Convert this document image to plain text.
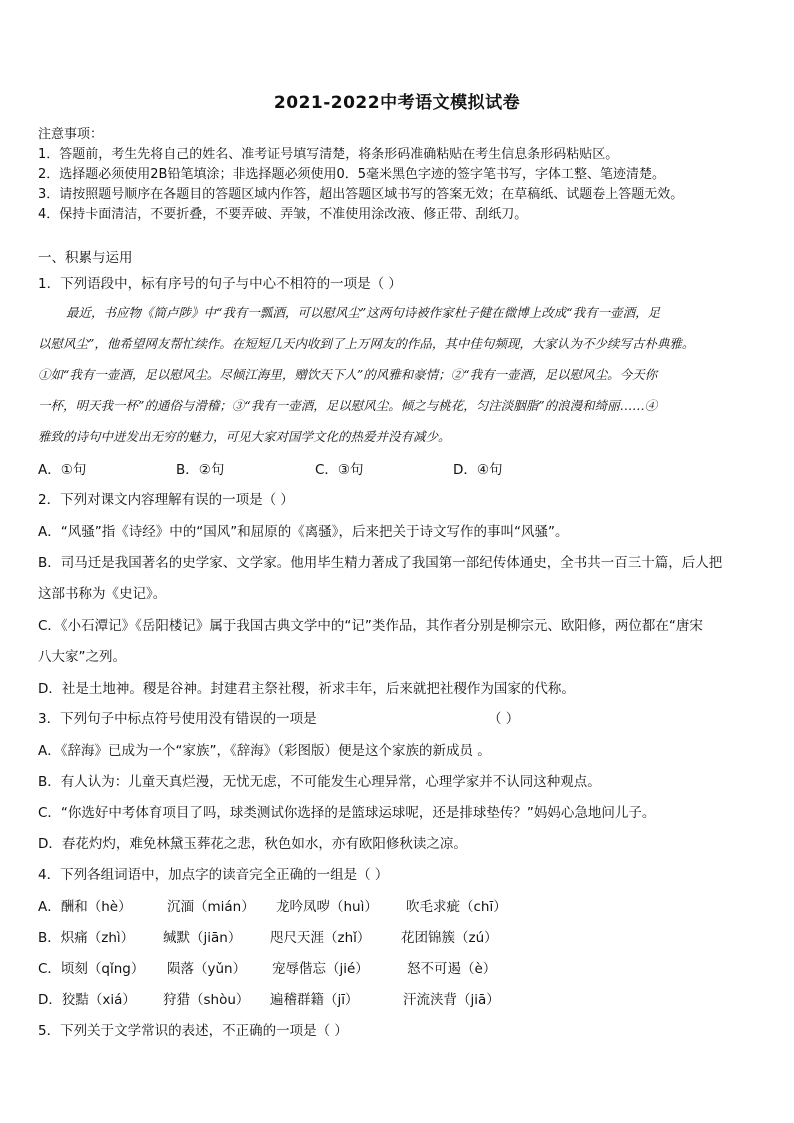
2021-2022中考语文模拟试卷
注意事项：
1．答题前，考生先将自己的姓名、准考证号填写清楚，将条形码准确粘贴在考生信息条形码粘贴区。
2．选择题必须使用2B铅笔填涂；非选择题必须使用0．5毫米黑色字迹的签字笔书写，字体工整、笔迹清楚。
3．请按照题号顺序在各题目的答题区域内作答，超出答题区域书写的答案无效；在草稿纸、试题卷上答题无效。
4．保持卡面清洁，不要折叠，不要弄破、弄皱，不准使用涂改液、修正带、刮纸刀。
一、积累与运用
1．下列语段中，标有序号的句子与中心不相符的一项是（ ）
最近，书应物《简卢陟》中“我有一瓢酒，可以慰风尘”这两句诗被作家杜子健在微博上改成“我有一壶酒，足
以慰风尘”，他希望网友帮忙续作。在短短几天内收到了上万网友的作品，其中佳句频现，大家认为不少续写古朴典雅。
①如“我有一壶酒，足以慰风尘。尽倾江海里，赠饮天下人”的风雅和豪情；②“我有一壶酒，足以慰风尘。今天你
一杯，明天我一杯”的通俗与滑稽；③“我有一壶酒，足以慰风尘。倾之与桃花，匀注淡胭脂”的浪漫和绮丽……④
雅致的诗句中迸发出无穷的魅力，可见大家对国学文化的热爱并没有减少。
A．①句	B．②句	C．③句	D．④句
2．下列对课文内容理解有误的一项是（ ）
A．“风骚”指《诗经》中的“国风”和屈原的《离骚》，后来把关于诗文写作的事叫“风骚”。
B．司马迁是我国著名的史学家、文学家。他用毕生精力著成了我国第一部纪传体通史，全书共一百三十篇，后人把
这部书称为《史记》。
C．《小石潭记》《岳阳楼记》属于我国古典文学中的“记”类作品，其作者分别是柳宗元、欧阳修，两位都在“唐宋
八大家”之列。
D．社是土地神。稷是谷神。封建君主祭社稷，祈求丰年，后来就把社稷作为国家的代称。
3．下列句子中标点符号使用没有错误的一项是	（ ）
A．《辞海》已成为一个“家族”，《辞海》（彩图版）便是这个家族的新成员 。
B．有人认为：儿童天真烂漫，无忧无虑，不可能发生心理异常，心理学家并不认同这种观点。
C．“你选好中考体育项目了吗，球类测试你选择的是篮球运球呢，还是排球垫传？”妈妈心急地问儿子。
D．春花灼灼，难免林黛玉葬花之悲，秋色如水，亦有欧阳修秋读之凉。
4．下列各组词语中，加点字的读音完全正确的一组是（ ）
A．酬和（hè）	沉湎（mián） 龙吟凤哕（huì） 吹毛求疵（chī）
B．炽痛（zhì） 缄默（jiān） 咫尺天涯（zhǐ） 花团锦簇（zú）
C．顷刻（qǐng） 陨落（yǔn） 宠辱偕忘（jié）	怒不可遏（è）
D．狡黠（xiá） 狩猎（shòu） 遍稽群籍（jī）	汗流浃背（jiā）
5．下列关于文学常识的表述，不正确的一项是（ ）
